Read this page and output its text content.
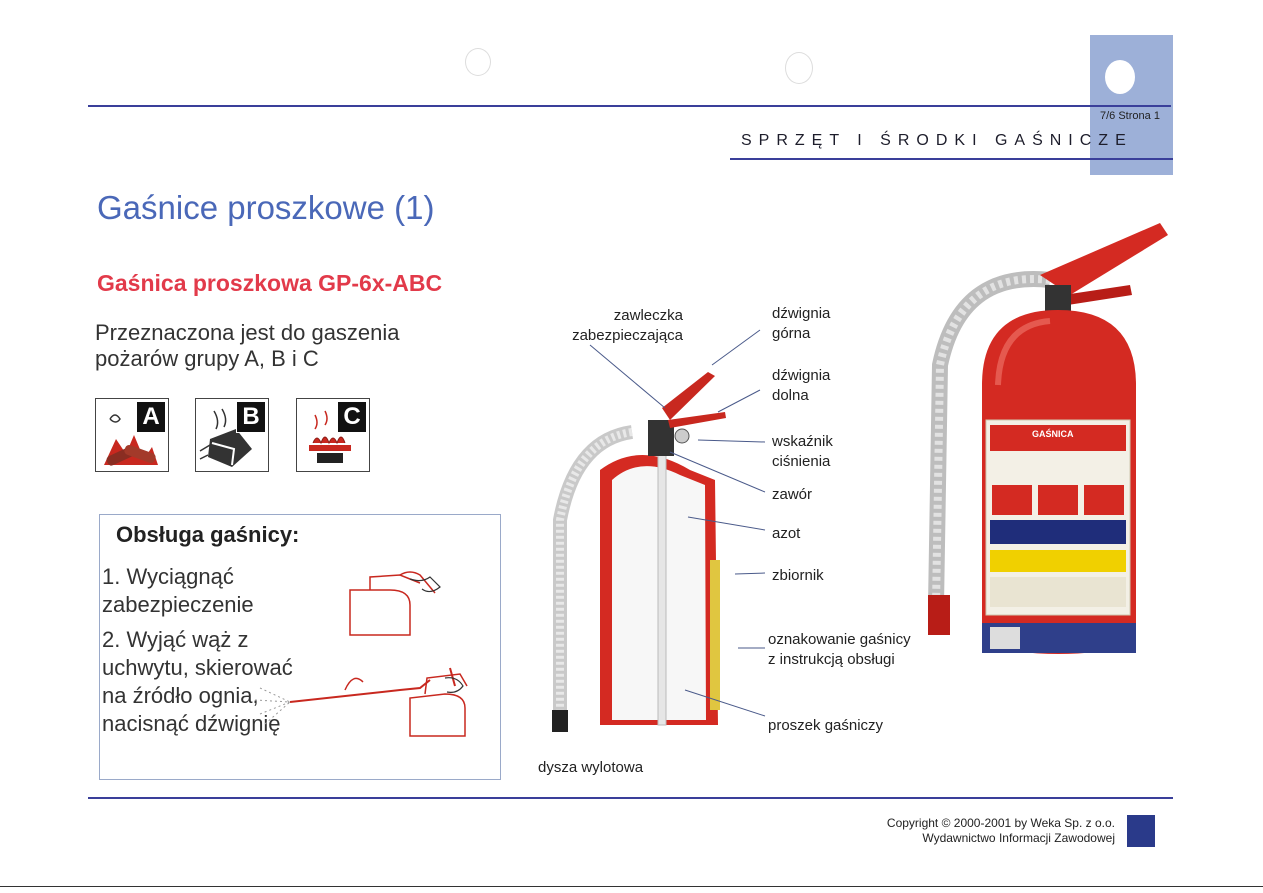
7/6 Strona 1
SPRZĘT I ŚRODKI GAŚNICZE
Gaśnice proszkowe (1)
Gaśnica proszkowa GP-6x-ABC
Przeznaczona jest do gaszenia pożarów grupy A, B i C
A	B	C
Obsługa gaśnicy:
1. Wyciągnąć zabezpieczenie
2. Wyjąć wąż z uchwytu, skierować na źródło ognia, nacisnąć dźwignię
zawleczka zabezpieczająca
dźwignia górna
dźwignia dolna
wskaźnik ciśnienia
zawór
azot
zbiornik
oznakowanie gaśnicy z instrukcją obsługi
proszek gaśniczy
dysza wylotowa
GAŚNICA
Copyright © 2000-2001 by Weka Sp. z o.o.
Wydawnictwo Informacji Zawodowej
